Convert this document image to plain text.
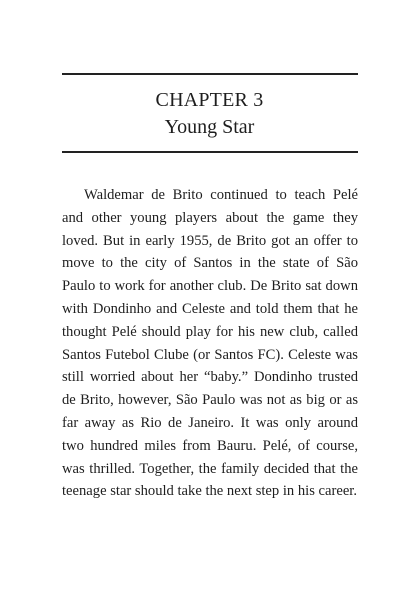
CHAPTER 3
Young Star

Waldemar de Brito continued to teach Pelé and other young players about the game they loved. But in early 1955, de Brito got an offer to move to the city of Santos in the state of São Paulo to work for another club. De Brito sat down with Dondinho and Celeste and told them that he thought Pelé should play for his new club, called Santos Futebol Clube (or Santos FC). Celeste was still worried about her “baby.” Dondinho trusted de Brito, however, São Paulo was not as big or as far away as Rio de Janeiro. It was only around two hundred miles from Bauru. Pelé, of course, was thrilled. Together, the family decided that the teenage star should take the next step in his career.
